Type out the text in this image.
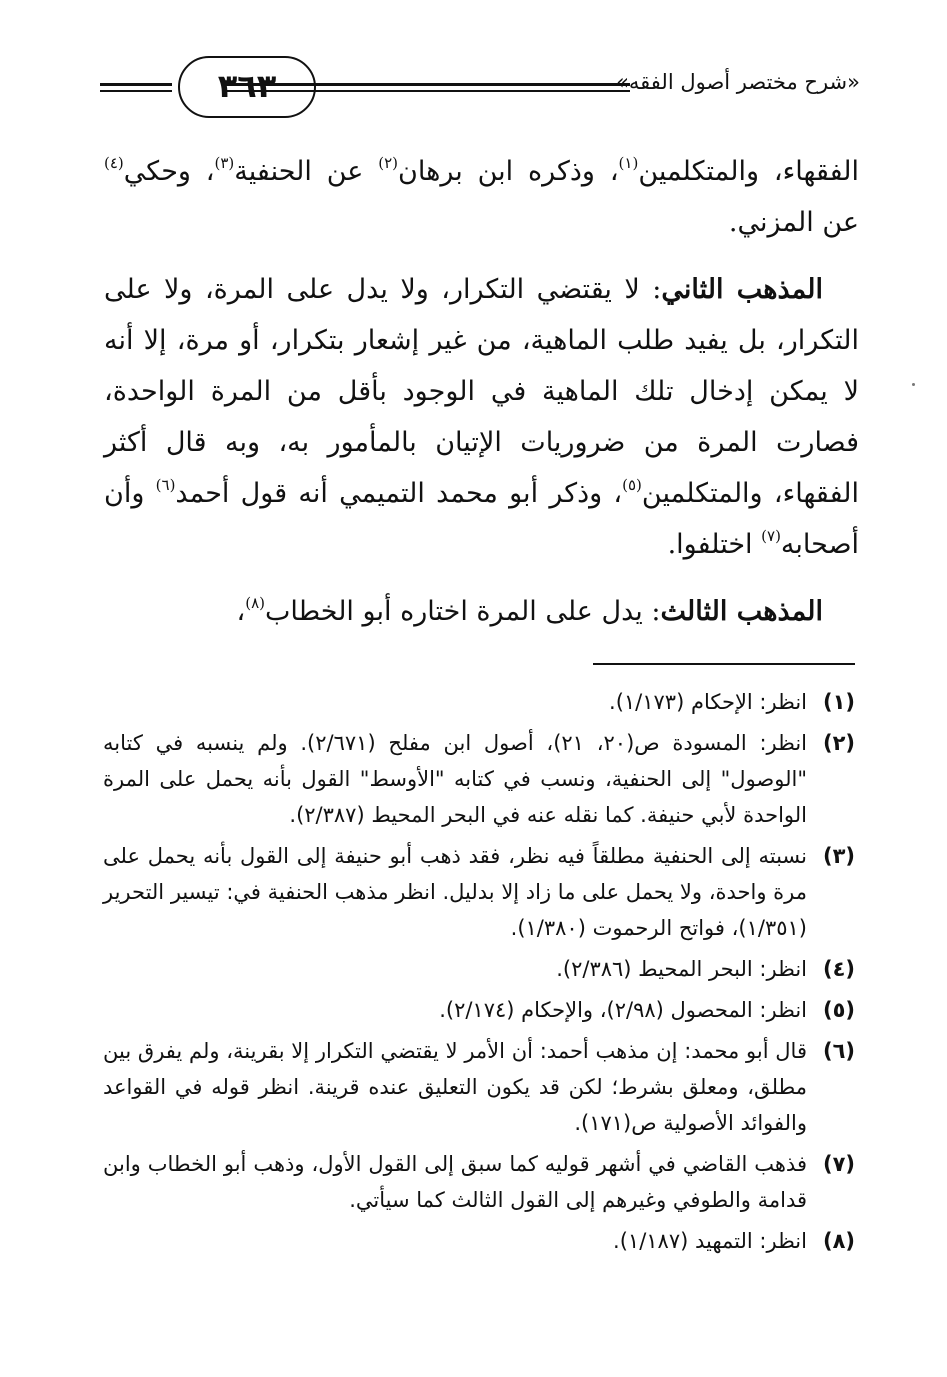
«شرح مختصر أصول الفقه»
٣٦٣

الفقهاء، والمتكلمين$^{(١)}$، وذكره ابن برهان$^{(٢)}$ عن الحنفية$^{(٣)}$، وحكي$^{(٤)}$ عن المزني.

المذهب الثاني: لا يقتضي التكرار، ولا يدل على المرة، ولا على التكرار، بل يفيد طلب الماهية، من غير إشعار بتكرار، أو مرة، إلا أنه لا يمكن إدخال تلك الماهية في الوجود بأقل من المرة الواحدة، فصارت المرة من ضروريات الإتيان بالمأمور به، وبه قال أكثر الفقهاء، والمتكلمين$^{(٥)}$، وذكر أبو محمد التميمي أنه قول أحمد$^{(٦)}$ وأن أصحابه$^{(٧)}$ اختلفوا.

المذهب الثالث: يدل على المرة اختاره أبو الخطاب$^{(٨)}$،

(١)
انظر: الإحكام (١/١٧٣).
(٢)
انظر: المسودة ص(٢٠، ٢١)، أصول ابن مفلح (٢/٦٧١). ولم ينسبه في كتابه "الوصول" إلى الحنفية، ونسب في كتابه "الأوسط" القول بأنه يحمل على المرة الواحدة لأبي حنيفة. كما نقله عنه في البحر المحيط (٢/٣٨٧).
(٣)
نسبته إلى الحنفية مطلقاً فيه نظر، فقد ذهب أبو حنيفة إلى القول بأنه يحمل على مرة واحدة، ولا يحمل على ما زاد إلا بدليل. انظر مذهب الحنفية في: تيسير التحرير (١/٣٥١)، فواتح الرحموت (١/٣٨٠).
(٤)
انظر: البحر المحيط (٢/٣٨٦).
(٥)
انظر: المحصول (٢/٩٨)، والإحكام (٢/١٧٤).
(٦)
قال أبو محمد: إن مذهب أحمد: أن الأمر لا يقتضي التكرار إلا بقرينة، ولم يفرق بين مطلق، ومعلق بشرط؛ لكن قد يكون التعليق عنده قرينة. انظر قوله في القواعد والفوائد الأصولية ص(١٧١).
(٧)
فذهب القاضي في أشهر قوليه كما سبق إلى القول الأول، وذهب أبو الخطاب وابن قدامة والطوفي وغيرهم إلى القول الثالث كما سيأتي.
(٨)
انظر: التمهيد (١/١٨٧).
